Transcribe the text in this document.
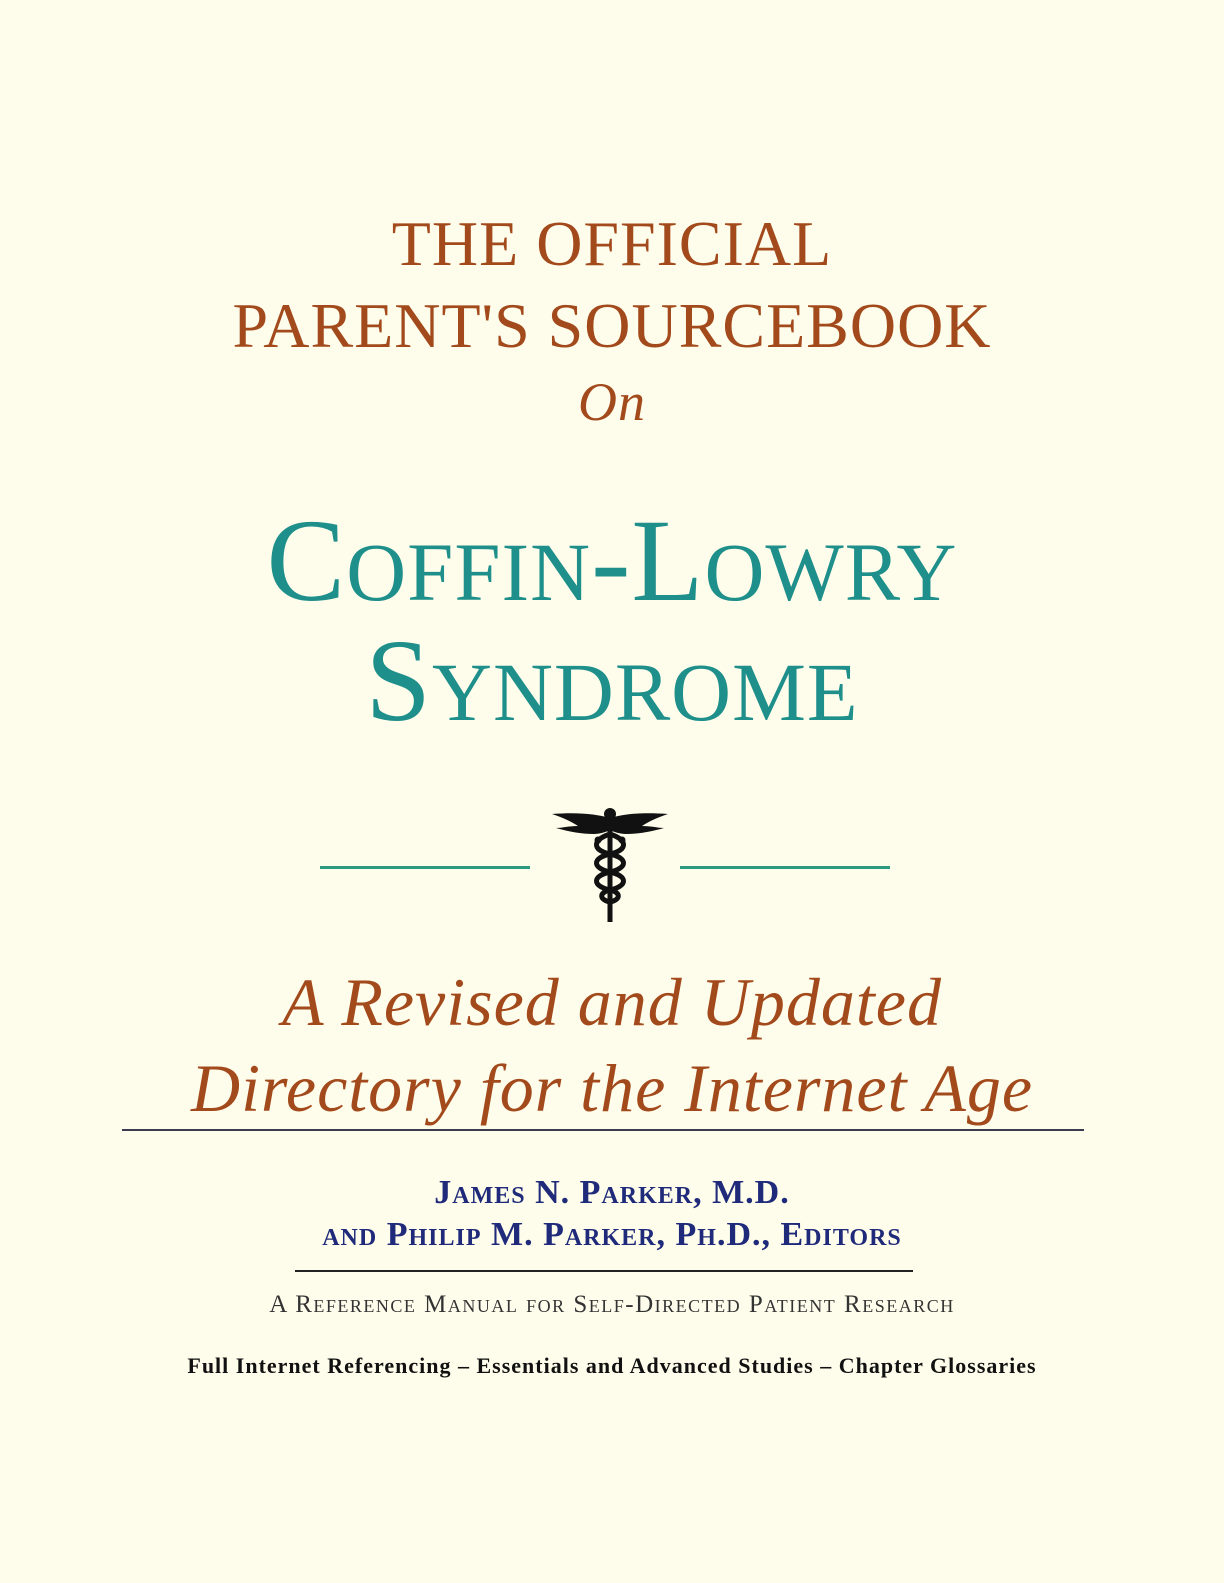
THE OFFICIAL

PARENT'S SOURCEBOOK

On

Coffin-Lowry

Syndrome

A Revised and Updated

Directory for the Internet Age

James N. Parker, M.D.

and Philip M. Parker, Ph.D., Editors

A Reference Manual for Self-Directed Patient Research

Full Internet Referencing – Essentials and Advanced Studies – Chapter Glossaries
